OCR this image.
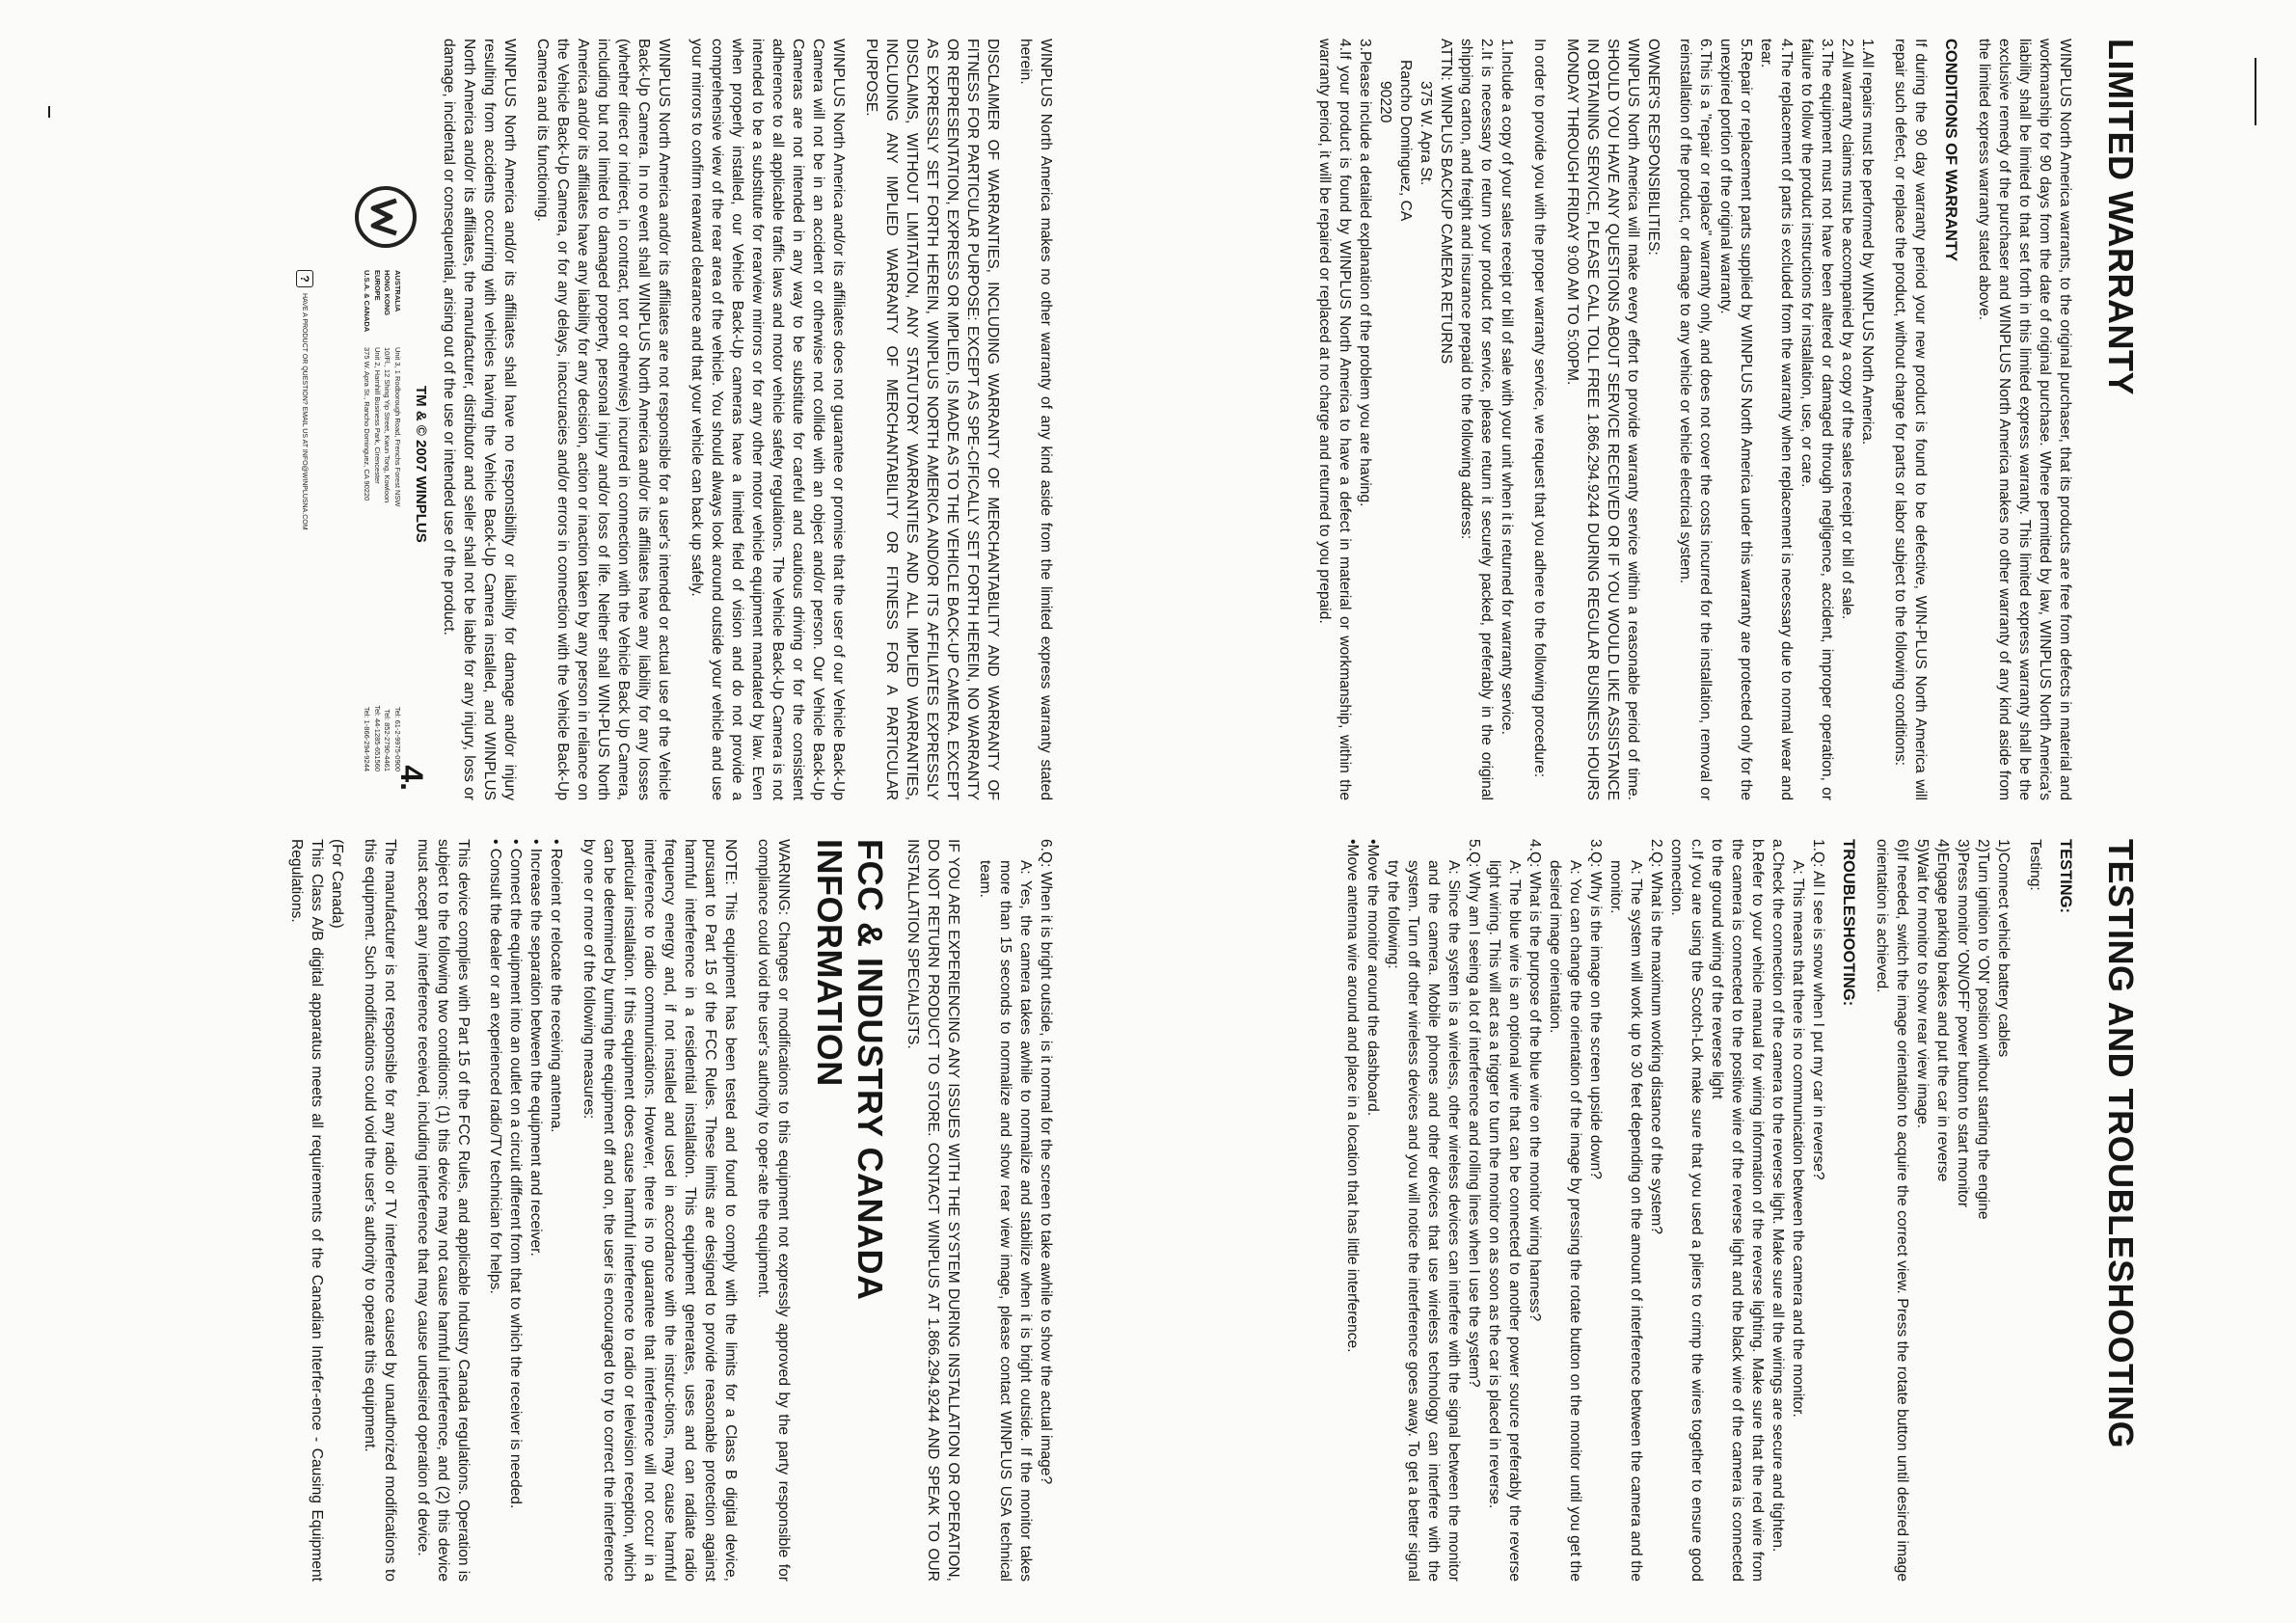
LIMITED WARRANTY

WINPLUS North America warrants, to the original purchaser, that its products are free from defects in material and workmanship for 90 days from the date of original purchase. Where permitted by law, WINPLUS North America's liability shall be limited to that set forth in this limited express warranty. This limited express warranty shall be the exclusive remedy of the purchaser and WINPLUS North America makes no other warranty of any kind aside from the limited express warranty stated above.

CONDITIONS OF WARRANTY

If during the 90 day warranty period your new product is found to be defective, WIN-PLUS North America will repair such defect, or replace the product, without charge for parts or labor subject to the following conditions:

1.All repairs must be performed by WINPLUS North America.
2.All warranty claims must be accompanied by a copy of the sales receipt or bill of sale.
3.The equipment must not have been altered or damaged through negligence, accident, improper operation, or failure to follow the product instructions for installation, use, or care.
4.The replacement of parts is excluded from the warranty when replacement is necessary due to normal wear and tear.
5.Repair or replacement parts supplied by WINPLUS North America under this warranty are protected only for the unexpired portion of the original warranty.
6.This is a "repair or replace" warranty only, and does not cover the costs incurred for the installation, removal or reinstallation of the product, or damage to any vehicle or vehicle electrical system.
OWNER'S RESPONSIBILITIES:

WINPLUS North America will make every effort to provide warranty service within a reasonable period of time. SHOULD YOU HAVE ANY QUESTIONS ABOUT SERVICE RECEIVED OR IF YOU WOULD LIKE ASSISTANCE IN OBTAINING SERVICE, PLEASE CALL TOLL FREE 1.866.294.9244 DURING REGULAR BUSINESS HOURS MONDAY THROUGH FRIDAY 9:00 AM TO 5:00PM.

In order to provide you with the proper warranty service, we request that you adhere to the following procedure:

1.Include a copy of your sales receipt or bill of sale with your unit when it is returned for warranty service.
2.It is necessary to return your product for service, please return it securely packed, preferably in the original shipping carton, and freight and insurance prepaid to the following address:
ATTN: WINPLUS BACKUP CAMERA RETURNS
375 W. Apra St.
Rancho Dominguez, CA
90220
3.Please include a detailed explanation of the problem you are having.
4.If your product is found by WINPLUS North America to have a defect in material or workmanship, within the warranty period, it will be repaired or replaced at no charge and returned to you prepaid.
TESTING AND TROUBLESHOOTING
TESTING:
Testing:
1)Connect vehicle battery cables
2)Turn ignition to 'ON' position without starting the engine
3)Press monitor 'ON/OFF' power button to start monitor
4)Engage parking brakes and put the car in reverse
5)Wait for monitor to show rear view image.
6)If needed, switch the image orientation to acquire the correct view. Press the rotate button until desired image orientation is achieved.
TROUBLESHOOTING:
1.Q: All I see is snow when I put my car in reverse?
A: This means that there is no communication between the camera and the monitor.
a.Check the connection of the camera to the reverse light. Make sure all the wirings are secure and tighten.
b.Refer to your vehicle manual for wiring information of the reverse lighting. Make sure that the red wire from the camera is connected to the positive wire of the reverse light and the black wire of the camera is connected to the ground wiring of the reverse light
c.If you are using the Scotch-Lok make sure that you used a pliers to crimp the wires together to ensure good connection.
2.Q: What is the maximum working distance of the system?
A: The system will work up to 30 feet depending on the amount of interference between the camera and the monitor.
3.Q: Why is the image on the screen upside down?
A: You can change the orientation of the image by pressing the rotate button on the monitor until you get the desired image orientation.
4.Q: What is the purpose of the blue wire on the monitor wiring harness?
A: The blue wire is an optional wire that can be connected to another power source preferably the reverse light wiring. This will act as a trigger to turn the monitor on as soon as the car is placed in reverse.
5.Q: Why am I seeing a lot of interference and rolling lines when I use the system?
A: Since the system is a wireless, other wireless devices can interfere with the signal between the monitor and the camera. Mobile phones and other devices that use wireless technology can interfere with the system. Turn off other wireless devices and you will notice the interference goes away. To get a better signal try the following:
•Move the monitor around the dashboard.
•Move antenna wire around and place in a location that has little interference.

WINPLUS North America makes no other warranty of any kind aside from the limited express warranty stated herein.

DISCLAIMER OF WARRANTIES, INCLUDING WARRANTY OF MERCHANTABILITY AND WARRANTY OF FITNESS FOR PARTICULAR PURPOSE: EXCEPT AS SPE-CIFICALLY SET FORTH HEREIN, NO WARRANTY OR REPRESENTATION, EXPRESS OR IMPLIED, IS MADE AS TO THE VEHICLE BACK-UP CAMERA. EXCEPT AS EXPRESSLY SET FORTH HEREIN, WINPLUS NORTH AMERICA AND/OR ITS AFFILIATES EXPRESSLY DISCLAIMS, WITHOUT LIMITATION, ANY STATUTORY WARRANTIES AND ALL IMPLIED WARRANTIES, INCLUDING ANY IMPLIED WARRANTY OF MERCHANTABILITY OR FITNESS FOR A PARTICULAR PURPOSE.

WINPLUS North America and/or its affiliates does not guarantee or promise that the user of our Vehicle Back-Up Camera will not be in an accident or otherwise not collide with an object and/or person. Our Vehicle Back-Up Cameras are not intended in any way to be substitute for careful and cautious driving or for the consistent adherence to all applicable traffic laws and motor vehicle safety regulations. The Vehicle Back-Up Camera is not intended to be a substitute for rearview mirrors or for any other motor vehicle equipment mandated by law. Even when properly installed, our Vehicle Back-Up cameras have a limited field of vision and do not provide a comprehensive view of the rear area of the vehicle. You should always look around outside your vehicle and use your mirrors to confirm rearward clearance and that your vehicle can back up safely.

WINPLUS North America and/or its affiliates are not responsible for a user's intended or actual use of the Vehicle Back-Up Camera. In no event shall WINPLUS North America and/or its affiliates have any liability for any losses (whether direct or indirect, in contract, tort or otherwise) incurred in connection with the Vehicle Back Up Camera, including but not limited to damaged property, personal injury and/or loss of life. Neither shall WIN-PLUS North America and/or its affiliates have any liability for any decision, action or inaction taken by any person in reliance on the Vehicle Back-Up Camera, or for any delays, inaccuracies and/or errors in connection with the Vehicle Back-Up Camera and its functioning.

WINPLUS North America and/or its affiliates shall have no responsibility or liability for damage and/or injury resulting from accidents occurring with vehicles having the Vehicle Back-Up Camera installed, and WINPLUS North America and/or its affiliates, the manufacturer, distributor and seller shall not be liable for any injury, loss or damage, incidental or consequential, arising out of the use or intended use of the product.

TM & © 2007 WINPLUS
4.
AUSTRALIA
Unit 3, 1 Rodborough Road, Frenchs Forest NSW
Tel: 61-2-9975-0900
HONG KONG
10/Fl., 12 Shing Yip Street, Kwun Tong, Kowloon
Tel: 852-2790-4461
EUROPE
Unit 2, Harnhill Business Park, Cirencester
Tel: 44-1285-651560
U.S.A. & CANADA
375 W. Apra St., Rancho Dominguez, CA 90220
Tel: 1-866-294-9244
?
HAVE A PRODUCT OR QUESTION? EMAIL US AT INFO@WINPLUSNA.COM
6.Q: When it is bright outside, is it normal for the screen to take awhile to show the actual image?
A: Yes, the camera takes awhile to normalize and stabilize when it is bright outside. If the monitor takes more than 15 seconds to normalize and show rear view image, please contact WINPLUS USA technical team.

IF YOU ARE EXPERIENCING ANY ISSUES WITH THE SYSTEM DURING INSTALLATION OR OPERATION, DO NOT RETURN PRODUCT TO STORE. CONTACT WINPLUS AT 1.866.294.9244 AND SPEAK TO OUR INSTALLATION SPECIALISTS.

FCC & INDUSTRY CANADA
INFORMATION

WARNING: Changes or modifications to this equipment not expressly approved by the party responsible for compliance could void the user's authority to oper-ate the equipment.

NOTE: This equipment has been tested and found to comply with the limits for a Class B digital device, pursuant to Part 15 of the FCC Rules. These limits are designed to provide reasonable protection against harmful interference in a residential installation. This equipment generates, uses and can radiate radio frequency energy and, if not installed and used in accordance with the instruc-tions, may cause harmful interference to radio communications. However, there is no guarantee that interference will not occur in a particular installation. If this equipment does cause harmful interference to radio or television reception, which can be determined by turning the equipment off and on, the user is encouraged to try to correct the interference by one or more of the following measures:

• Reorient or relocate the receiving antenna.
• Increase the separation between the equipment and receiver.
• Connect the equipment into an outlet on a circuit different from that to which the receiver is needed.
• Consult the dealer or an experienced radio/TV technician for helps.

This device complies with Part 15 of the FCC Rules, and applicable Industry Canada regulations. Operation is subject to the following two conditions: (1) this device may not cause harmful interference, and (2) this device must accept any interference received, including interference that may cause undesired operation of device.

The manufacturer is not responsible for any radio or TV interference caused by unauthorized modifications to this equipment. Such modifications could void the user's authority to operate this equipment.

(For Canada)
This Class A/B digital apparatus meets all requirements of the Canadian Interfer-ence - Causing Equipment Regulations.
